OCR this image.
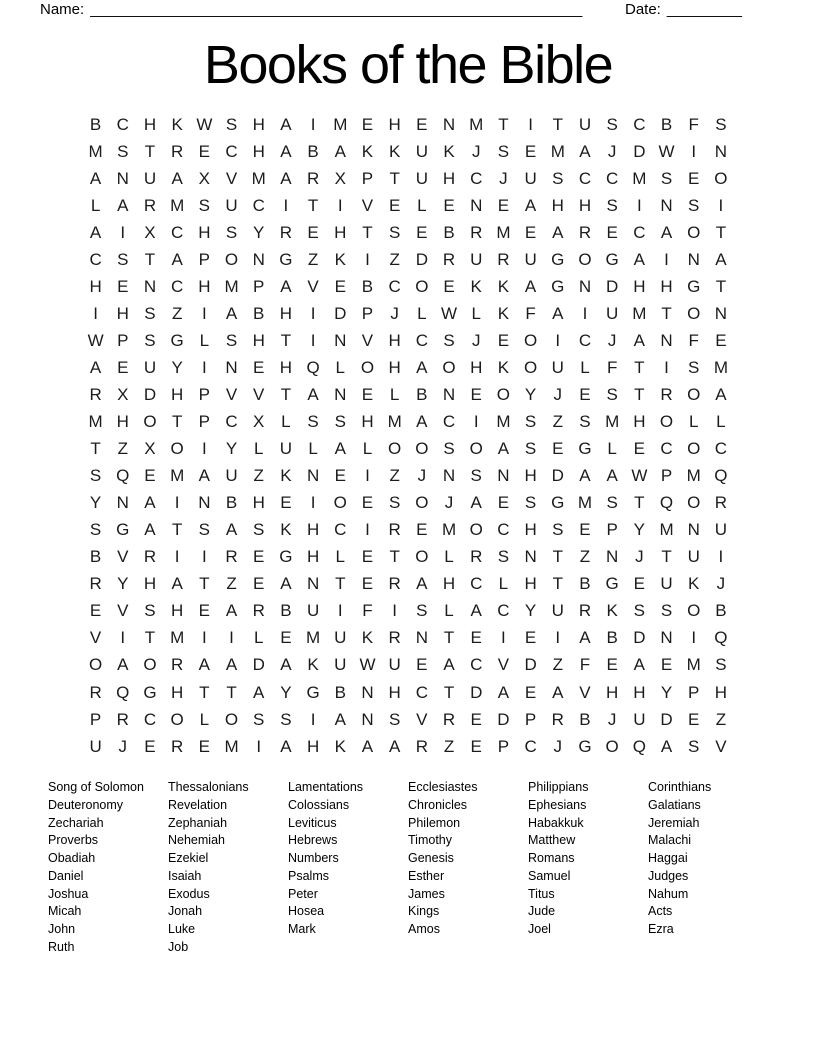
Name: ___________________________________________________________	Date: _________
Books of the Bible
B C H K W S H A	I	M E H E N M T	I	T U S C B F S
M S T R E C H A B A K K U K	J	S E M A	J D W I	N
A N U A X V M A R X P T U H C J U S C C M S E O
L A R M S U C	I	T	I	V E L E N E A H H S	I	N S	I
A	I	X C H S Y R E H T S E B R M E A R E C A O T
C S T A P O N G Z K	I	Z D R U R U G O G A	I	N A
H E N C H M P A V E B C O E K K A G N D H H G T
I	H S Z	I	A B H	I	D P	J	L W L K F A	I	U M T O N
W P S G L S H T	I	N V H C S	J	E O	I	C J	A N F E
A E U Y	I	N E H Q L O H A O H K O U L	F T	I	S M
R X D H P V V T A N E L B N E O Y	J	E S T R O A
M H O T P C X L S S H M A C	I	M S Z S M H O L	L
T Z X O	I	Y L U L A L O O S O A S E G L E C O C
S Q E M A U Z K N E	I	Z	J N S N H D A A W P M Q
Y N A	I	N B H E	I	O E S O J	A E S G M S T Q O R
S G A T S A S K H C	I	R E M O C H S E P Y M N U
B V R	I	I	R E G H L E T O L R S N T Z N J	T U	I
R Y H A T Z E A N T E R A H C L H T B G E U K	J
E V S H E A R B U	I	F	I	S L A C Y U R K S S O B
V	I	T M	I	I	L E M U K R N T E	I	E	I	A B D N	I	Q
O A O R A A D A K U W U E A C V D Z F E A E M S
R Q G H T T A Y G B N H C T D A E A V H H Y P H
P R C O L O S S	I	A N S V R E D P R B	J U D E Z
U J	E R E M	I	A H K A A R Z E P C J G O Q A S V
Song of Solomon
Deuteronomy
Zechariah
Proverbs
Obadiah
Daniel
Joshua
Micah
John
Ruth
Thessalonians
Revelation
Zephaniah
Nehemiah
Ezekiel
Isaiah
Exodus
Jonah
Luke
Job
Lamentations
Colossians
Leviticus
Hebrews
Numbers
Psalms
Peter
Hosea
Mark
Ecclesiastes
Chronicles
Philemon
Timothy
Genesis
Esther
James
Kings
Amos
Philippians
Ephesians
Habakkuk
Matthew
Romans
Samuel
Titus
Jude
Joel
Corinthians
Galatians
Jeremiah
Malachi
Haggai
Judges
Nahum
Acts
Ezra
